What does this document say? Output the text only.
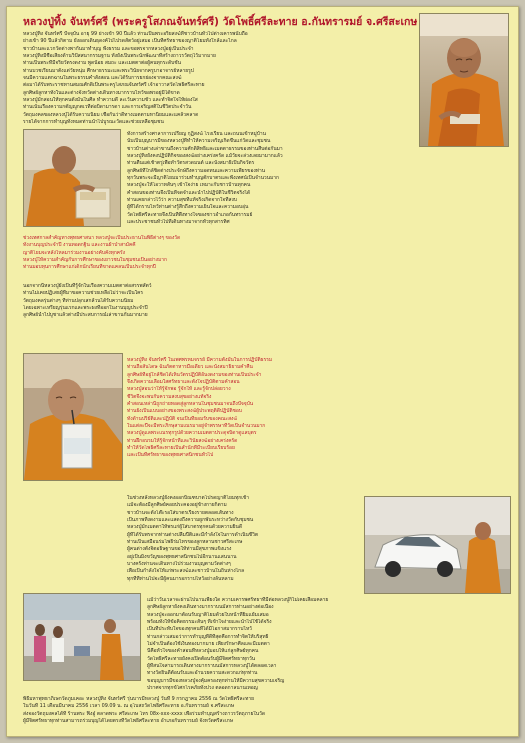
หลวงปู่ทิ้ง จันทร์ศรี (พระครูโสภณจันทร์ศรี) วัดโพธิ์ศรีละทาย อ.กันทรารมย์ จ.ศรีสะเกษ
หลวงปู่ทิ้ง จันทร์ศรี ปัจจุบัน อายุ 99 ย่างเข้า 90 ปีแล้ว ท่านเป็นพระอริยสงฆ์ที่ชาวบ้านทั่วไปต่างเคารพนับถือ
ย่างเข้า 90 ปีแล้วก็ตาม ยังออกเดินธุดงค์ไปโปรดสัตว์อยู่เสมอ เป็นที่ศรัทธาของญาติโยมทั้งใกล้และไกล
ชาวบ้านละแวกวัดต่างพากันมาทำบุญ ฟังธรรม และขอพรจากหลวงปู่อยู่เป็นประจำ
หลวงปู่ทิ้งมีชื่อเสียงด้านวิปัสสนากรรมฐาน ทั้งยังเป็นพระนักพัฒนาที่สร้างถาวรวัตถุไว้มากมาย
ท่านเป็นพระที่มีจริยวัตรงดงาม พูดน้อย สมถะ และเมตตาต่อผู้คนทุกระดับชั้น
ท่านบวชเรียนมาตั้งแต่วัยหนุ่ม ศึกษาธรรมะและพระวินัยจากครูบาอาจารย์หลายรูป
จนมีความแตกฉานในพระธรรมคำสั่งสอน และได้รับการยกย่องจากคณะสงฆ์
ต่อมาได้รับพระราชทานสมณศักดิ์เป็นพระครูโสภณจันทร์ศรี เจ้าอาวาสวัดโพธิ์ศรีละทาย
ลูกศิษย์ลูกหาทั้งในและต่างจังหวัดต่างเดินทางมากราบไหว้ขอพรอยู่มิได้ขาด
หลวงปู่มักสอนให้ทุกคนตั้งมั่นในศีล ทำความดี ละเว้นความชั่ว และทำจิตใจให้ผ่องใส
ท่านเน้นเรื่องความกตัญญูกตเวทีต่อบิดามารดา และการเจริญสติในชีวิตประจำวัน
วัตถุมงคลของหลวงปู่ได้รับความนิยม เชื่อกันว่าดีทางเมตตามหานิยมและแคล้วคลาด
รายได้จากการทำบุญทั้งหมดท่านนำไปบูรณะวัดและช่วยเหลือชุมชน
ทั้งการสร้างศาลาการเปรียญ กุฏิสงฆ์ โรงเรียน และถนนเข้าหมู่บ้าน
นับเป็นบุญบารมีของหลวงปู่ที่ทำให้ความเจริญเกิดขึ้นแก่วัดและชุมชน
ชาวบ้านต่างเล่าขานถึงความศักดิ์สิทธิ์และเมตตาธรรมของท่านสืบต่อกันมา
หลวงปู่ทิ้งยังคงปฏิบัติกิจของสงฆ์อย่างเคร่งครัด แม้วัยจะล่วงเลยมามากแล้ว
ท่านตื่นแต่เช้าตรู่เพื่อทำวัตรสวดมนต์ และนั่งสมาธิเป็นกิจวัตร
ลูกศิษย์ที่ใกล้ชิดต่างประจักษ์ถึงความอดทนและความเพียรของท่าน
ทุกวันพระจะมีญาติโยมมาร่วมทำบุญตักบาตรและฟังเทศน์เป็นจำนวนมาก
หลวงปู่จะให้โอวาทสั้นๆ เข้าใจง่าย เหมาะกับชาวบ้านทุกคน
คำสอนของท่านจึงเป็นที่จดจำและนำไปปฏิบัติในชีวิตจริงได้
ท่านเคยกล่าวไว้ว่า ความสุขที่แท้จริงเกิดจากใจที่สงบ
ผู้ที่ได้กราบไหว้ท่านต่างรู้สึกถึงความเย็นใจและความอบอุ่น
วัดโพธิ์ศรีละทายจึงเป็นที่พึ่งทางใจของชาวอำเภอกันทรารมย์
และประชาชนทั่วไปที่เดินทางมาจากทั่วทุกสารทิศ
ช่วงเทศกาลสำคัญทางพุทธศาสนา หลวงปู่จะเป็นประธานในพิธีต่างๆ ของวัด
ทั้งงานบุญประจำปี งานทอดกฐิน และงานผ้าป่าสามัคคี
ญาติโยมจะหลั่งไหลมาร่วมงานอย่างคับคั่งทุกครั้ง
หลวงปู่ให้ความสำคัญกับการศึกษาของเยาวชนในชุมชนเป็นอย่างมาก
ท่านมอบทุนการศึกษาแก่เด็กนักเรียนที่ขาดแคลนเป็นประจำทุกปี
นอกจากนี้หลวงปู่ยังเป็นที่รู้จักในเรื่องความเมตตาต่อสรรพสัตว์
ท่านไม่เคยปฏิเสธผู้ที่มาขอความช่วยเหลือไม่ว่าจะเป็นใคร
วัตถุมงคลรุ่นต่างๆ ที่ท่านปลุกเสกล้วนได้รับความนิยม
โดยเฉพาะเหรียญรุ่นแรกและพระผงที่ออกในงานบุญประจำปี
ลูกศิษย์นำไปบูชาแล้วต่างมีประสบการณ์เล่าขานกันมากมาย
หลวงปู่ทิ้ง จันทร์ศรี ในเพศพรหมจรรย์ มีความตั้งมั่นในการปฏิบัติธรรม
ท่านถือสันโดษ ฉันภัตตาหารมื้อเดียว และนั่งสมาธิยามค่ำคืน
ลูกศิษย์ที่อยู่ใกล้ชิดได้เห็นวัตรปฏิบัติอันงดงามของท่านเป็นประจำ
จึงเกิดความเลื่อมใสศรัทธาและตั้งใจปฏิบัติตามคำสอน
หลวงปู่สอนว่าให้รู้จักพอ รู้จักให้ และรู้จักปล่อยวาง
ชีวิตจึงจะพบกับความสงบสุขอย่างแท้จริง
คำสอนเหล่านี้ถูกถ่ายทอดสู่ลูกหลานในชุมชนมาจนถึงปัจจุบัน
ท่านยังเป็นแบบอย่างของพระสงฆ์ผู้ประพฤติดีปฏิบัติชอบ
ทั้งด้านปริยัติและปฏิบัติ จนเป็นที่ยอมรับของคณะสงฆ์
ในแต่ละปีจะมีพระภิกษุสามเณรมาอยู่จำพรรษาที่วัดเป็นจำนวนมาก
หลวงปู่ดูแลพระเณรทุกรูปด้วยความเมตตาประดุจบิดาดูแลบุตร
ท่านฝึกอบรมให้รู้จักหน้าที่และวินัยสงฆ์อย่างเคร่งครัด
ทำให้วัดโพธิ์ศรีละทายเป็นสำนักที่มีระเบียบเรียบร้อย
และเป็นที่ศรัทธาของพุทธศาสนิกชนทั่วไป
ในช่วงหลังหลวงปู่ยังคงออกบิณฑบาตโปรดญาติโยมทุกเช้า
แม้จะต้องมีลูกศิษย์คอยประคองอยู่ข้างกายก็ตาม
ชาวบ้านจะตั้งโต๊ะรอใส่บาตรเรียงรายตลอดเส้นทาง
เป็นภาพที่งดงามและแสดงถึงความผูกพันระหว่างวัดกับชุมชน
หลวงปู่มักเมตตาให้พรแก่ผู้ใส่บาตรทุกคนด้วยความยินดี
ผู้ที่ได้รับพรจากท่านต่างปลื้มปีติและมีกำลังใจในการดำเนินชีวิต
ท่านเป็นเสมือนร่มโพธิ์ร่มไทรของลูกหลานชาวศรีสะเกษ
ผู้คนต่างตั้งจิตอธิษฐานขอให้ท่านมีสุขภาพแข็งแรง
อยู่เป็นมิ่งขวัญของพุทธศาสนิกชนไปอีกนานแสนนาน
บางครั้งท่านจะเดินทางไปร่วมงานบุญตามวัดต่างๆ
เพื่อเป็นกำลังใจให้แก่พระสงฆ์และชาวบ้านในถิ่นห่างไกล
ทุกที่ที่ท่านไปจะมีผู้คนมารอกราบไหว้อย่างล้นหลาม
แม้ว่าวันเวลาจะผ่านไปนานเพียงใด ความเคารพศรัทธาที่มีต่อหลวงปู่ก็ไม่เคยเสื่อมคลาย
ลูกศิษย์ลูกหายังคงเดินทางมากราบนมัสการท่านอย่างต่อเนื่อง
หลวงปู่จะออกมาต้อนรับญาติโยมด้วยใบหน้าที่ยิ้มแย้มเสมอ
พร้อมทั้งให้ข้อคิดธรรมะสั้นๆ ที่เข้าใจง่ายและนำไปใช้ได้จริง
เป็นที่ประทับใจของทุกคนที่ได้มีโอกาสมากราบไหว้
ท่านกล่าวเสมอว่าการทำบุญที่ดีที่สุดคือการทำจิตให้บริสุทธิ์
ไม่จำเป็นต้องใช้เงินทองมากมาย เพียงรักษาศีลและมีเมตตา
นี่คือหัวใจของคำสอนที่หลวงปู่มอบให้แก่ลูกศิษย์ทุกคน
วัดโพธิ์ศรีละทายยังคงเปิดต้อนรับผู้มีจิตศรัทธาทุกวัน
ผู้ที่สนใจสามารถเดินทางมากราบนมัสการหลวงปู่ได้ตลอดเวลา
ทางวัดยินดีต้อนรับและอำนวยความสะดวกแก่ทุกท่าน
ขอบุญบารมีของหลวงปู่จงคุ้มครองทุกท่านให้มีความสุขความเจริญ
ปราศจากทุกข์โศกโรคภัยทั้งปวง ตลอดกาลนานเทอญ
พิธีมหาพุทธาภิเษกวัดภูมเคอะ หลวงปู่ทิ้ง จันทร์ศรี รุ่นบารมีหลวงปู่ วันที่ 9 กรกฎาคม 2556 ณ วัดโพธิ์ศรีละทาย
ในวันที่ 11 เดือนมีนาคม 2556 เวลา 09.09 น. ณ อุโบสถวัดโพธิ์ศรีละทาย อ.กันทรารมย์ จ.ศรีสะเกษ
ส่งจองวัตถุมงคลได้ที่ ร้านพระ ฟิงอู๋ ตลาดพระ ศรีสะเกษ โทร 08x-xxx-xxxx เพื่อร่วมทำบุญสร้างถาวรวัตถุภายในวัด
ผู้มีจิตศรัทธาทุกท่านสามารถร่วมบุญได้โดยตรงที่วัดโพธิ์ศรีละทาย อำเภอกันทรารมย์ จังหวัดศรีสะเกษ
